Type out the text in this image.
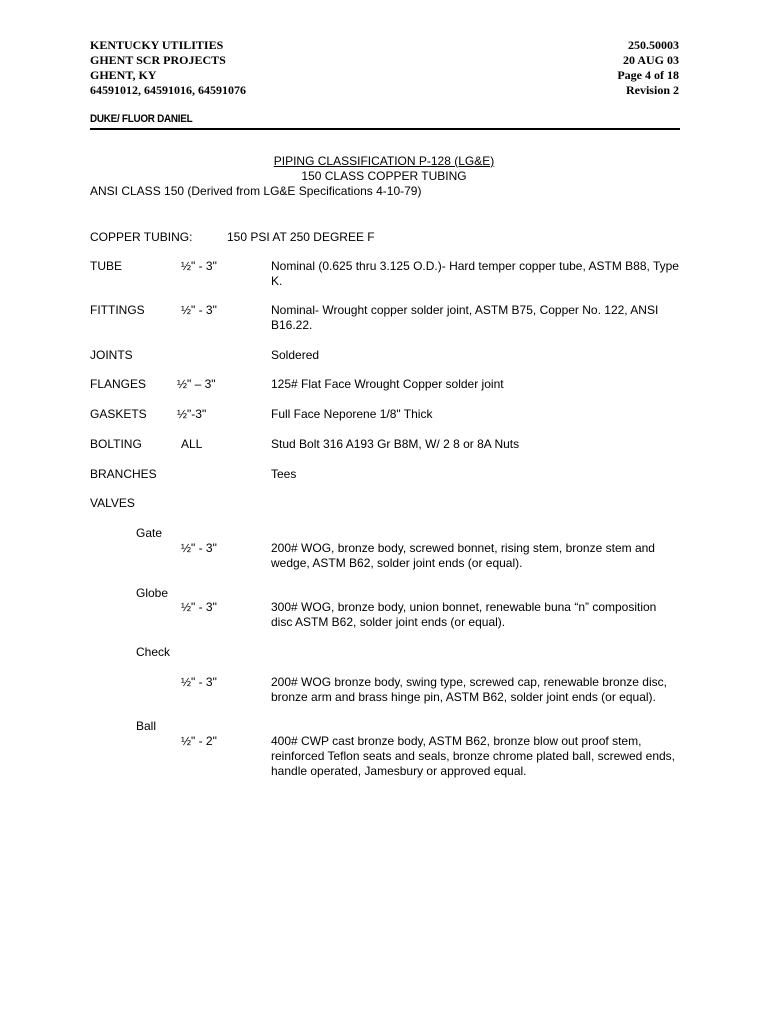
KENTUCKY UTILITIES
GHENT SCR PROJECTS
GHENT, KY
64591012, 64591016, 64591076
250.50003
20 AUG 03
Page 4 of 18
Revision 2
DUKE/ FLUOR DANIEL
PIPING CLASSIFICATION P-128 (LG&E)
150 CLASS COPPER TUBING
ANSI CLASS 150 (Derived from LG&E Specifications 4-10-79)
COPPER TUBING:	150 PSI AT 250 DEGREE F
TUBE	½" - 3"	Nominal (0.625 thru 3.125 O.D.)- Hard temper copper tube, ASTM B88, Type K.
FITTINGS	½" - 3"	Nominal- Wrought copper solder joint, ASTM B75, Copper No. 122, ANSI B16.22.
JOINTS	Soldered
FLANGES	½" – 3"	125# Flat Face Wrought Copper solder joint
GASKETS	½"-3"	Full Face Neporene 1/8" Thick
BOLTING	ALL	Stud Bolt 316 A193 Gr B8M, W/ 2 8 or 8A Nuts
BRANCHES	Tees
VALVES
Gate
½" - 3"	200# WOG, bronze body, screwed bonnet, rising stem, bronze stem and wedge, ASTM B62, solder joint ends (or equal).
Globe
½" - 3"	300# WOG, bronze body, union bonnet, renewable buna “n” composition disc ASTM B62, solder joint ends (or equal).
Check
½" - 3"	200# WOG bronze body, swing type, screwed cap, renewable bronze disc, bronze arm and brass hinge pin, ASTM B62, solder joint ends (or equal).
Ball
½" - 2"	400# CWP cast bronze body, ASTM B62, bronze blow out proof stem, reinforced Teflon seats and seals, bronze chrome plated ball, screwed ends, handle operated, Jamesbury or approved equal.
